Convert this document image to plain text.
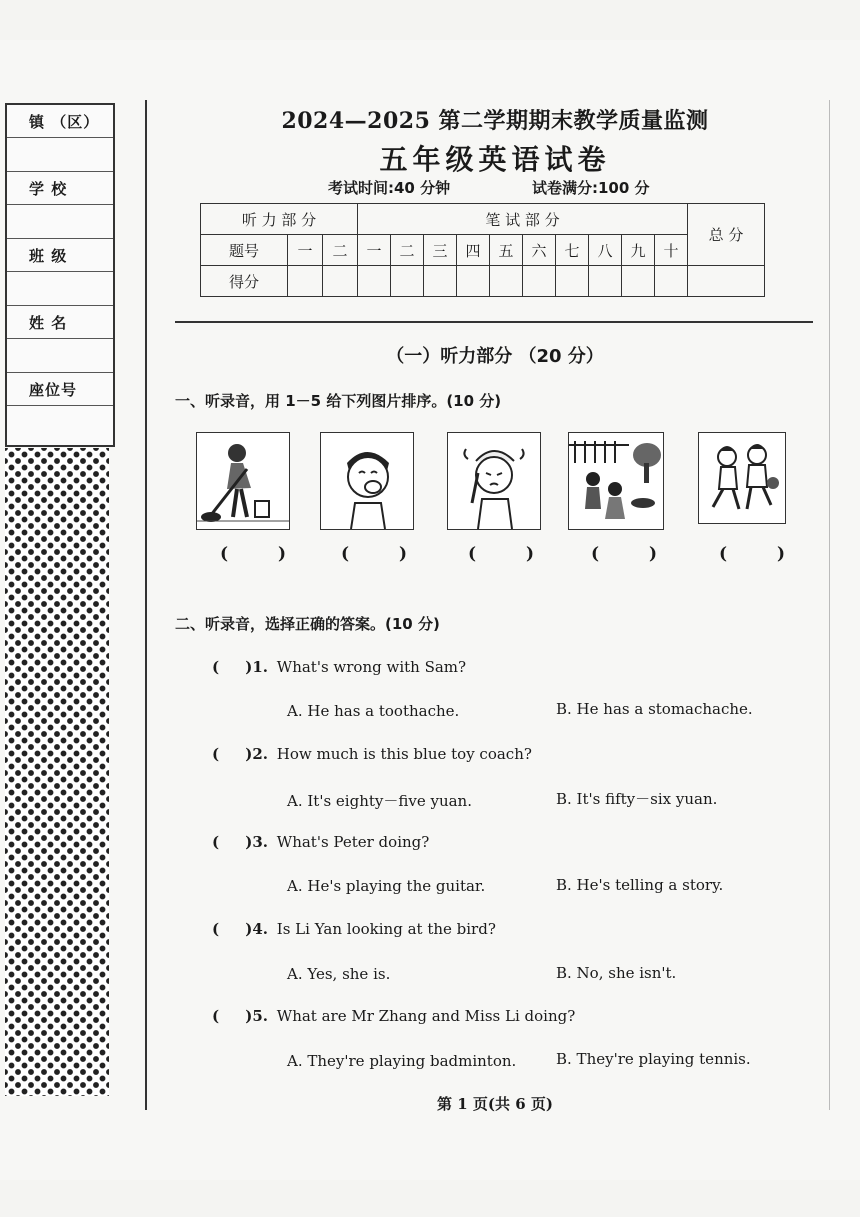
镇 （区）
学 校
班 级
姓 名
座位号
2024—2025 第二学期期末教学质量监测
五年级英语试卷
考试时间:40 分钟	试卷满分:100 分
听 力 部 分			笔 试 部 分										总 分
题号	一	二	一	二	三	四	五	六	七	八	九	十	
得分													
（一）听力部分 （20 分）
一、听录音，用 1－5 给下列图片排序。(10 分)
( ) ( ) ( ) ( ) ( )
二、听录音，选择正确的答案。(10 分)
( )1. What's wrong with Sam?
A. He has a toothache.	B. He has a stomachache.
( )2. How much is this blue toy coach?
A. It's eighty－five yuan.	B. It's fifty－six yuan.
( )3. What's Peter doing?
A. He's playing the guitar.	B. He's telling a story.
( )4. Is Li Yan looking at the bird?
A. Yes, she is.	B. No, she isn't.
( )5. What are Mr Zhang and Miss Li doing?
A. They're playing badminton.	B. They're playing tennis.
第 1 页(共 6 页)
